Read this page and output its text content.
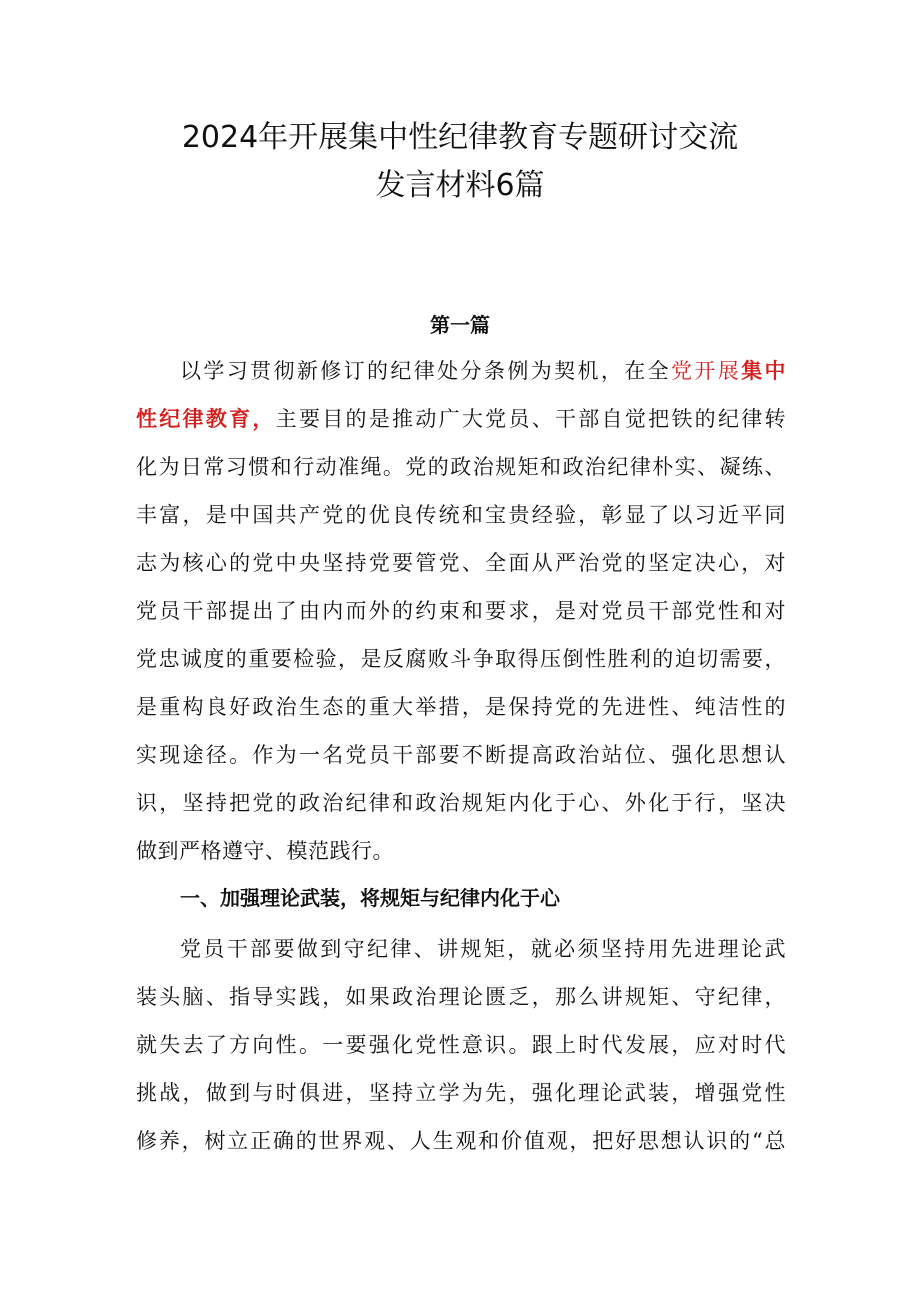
2024年开展集中性纪律教育专题研讨交流
发言材料6篇
第一篇
以学习贯彻新修订的纪律处分条例为契机，在全党开展集中
性纪律教育，主要目的是推动广大党员、干部自觉把铁的纪律转
化为日常习惯和行动准绳。党的政治规矩和政治纪律朴实、凝练、
丰富，是中国共产党的优良传统和宝贵经验，彰显了以习近平同
志为核心的党中央坚持党要管党、全面从严治党的坚定决心，对
党员干部提出了由内而外的约束和要求，是对党员干部党性和对
党忠诚度的重要检验，是反腐败斗争取得压倒性胜利的迫切需要，
是重构良好政治生态的重大举措，是保持党的先进性、纯洁性的
实现途径。作为一名党员干部要不断提高政治站位、强化思想认
识，坚持把党的政治纪律和政治规矩内化于心、外化于行，坚决
做到严格遵守、模范践行。
一、加强理论武装，将规矩与纪律内化于心
党员干部要做到守纪律、讲规矩，就必须坚持用先进理论武
装头脑、指导实践，如果政治理论匮乏，那么讲规矩、守纪律，
就失去了方向性。一要强化党性意识。跟上时代发展，应对时代
挑战，做到与时俱进，坚持立学为先，强化理论武装，增强党性
修养，树立正确的世界观、人生观和价值观，把好思想认识的“总
